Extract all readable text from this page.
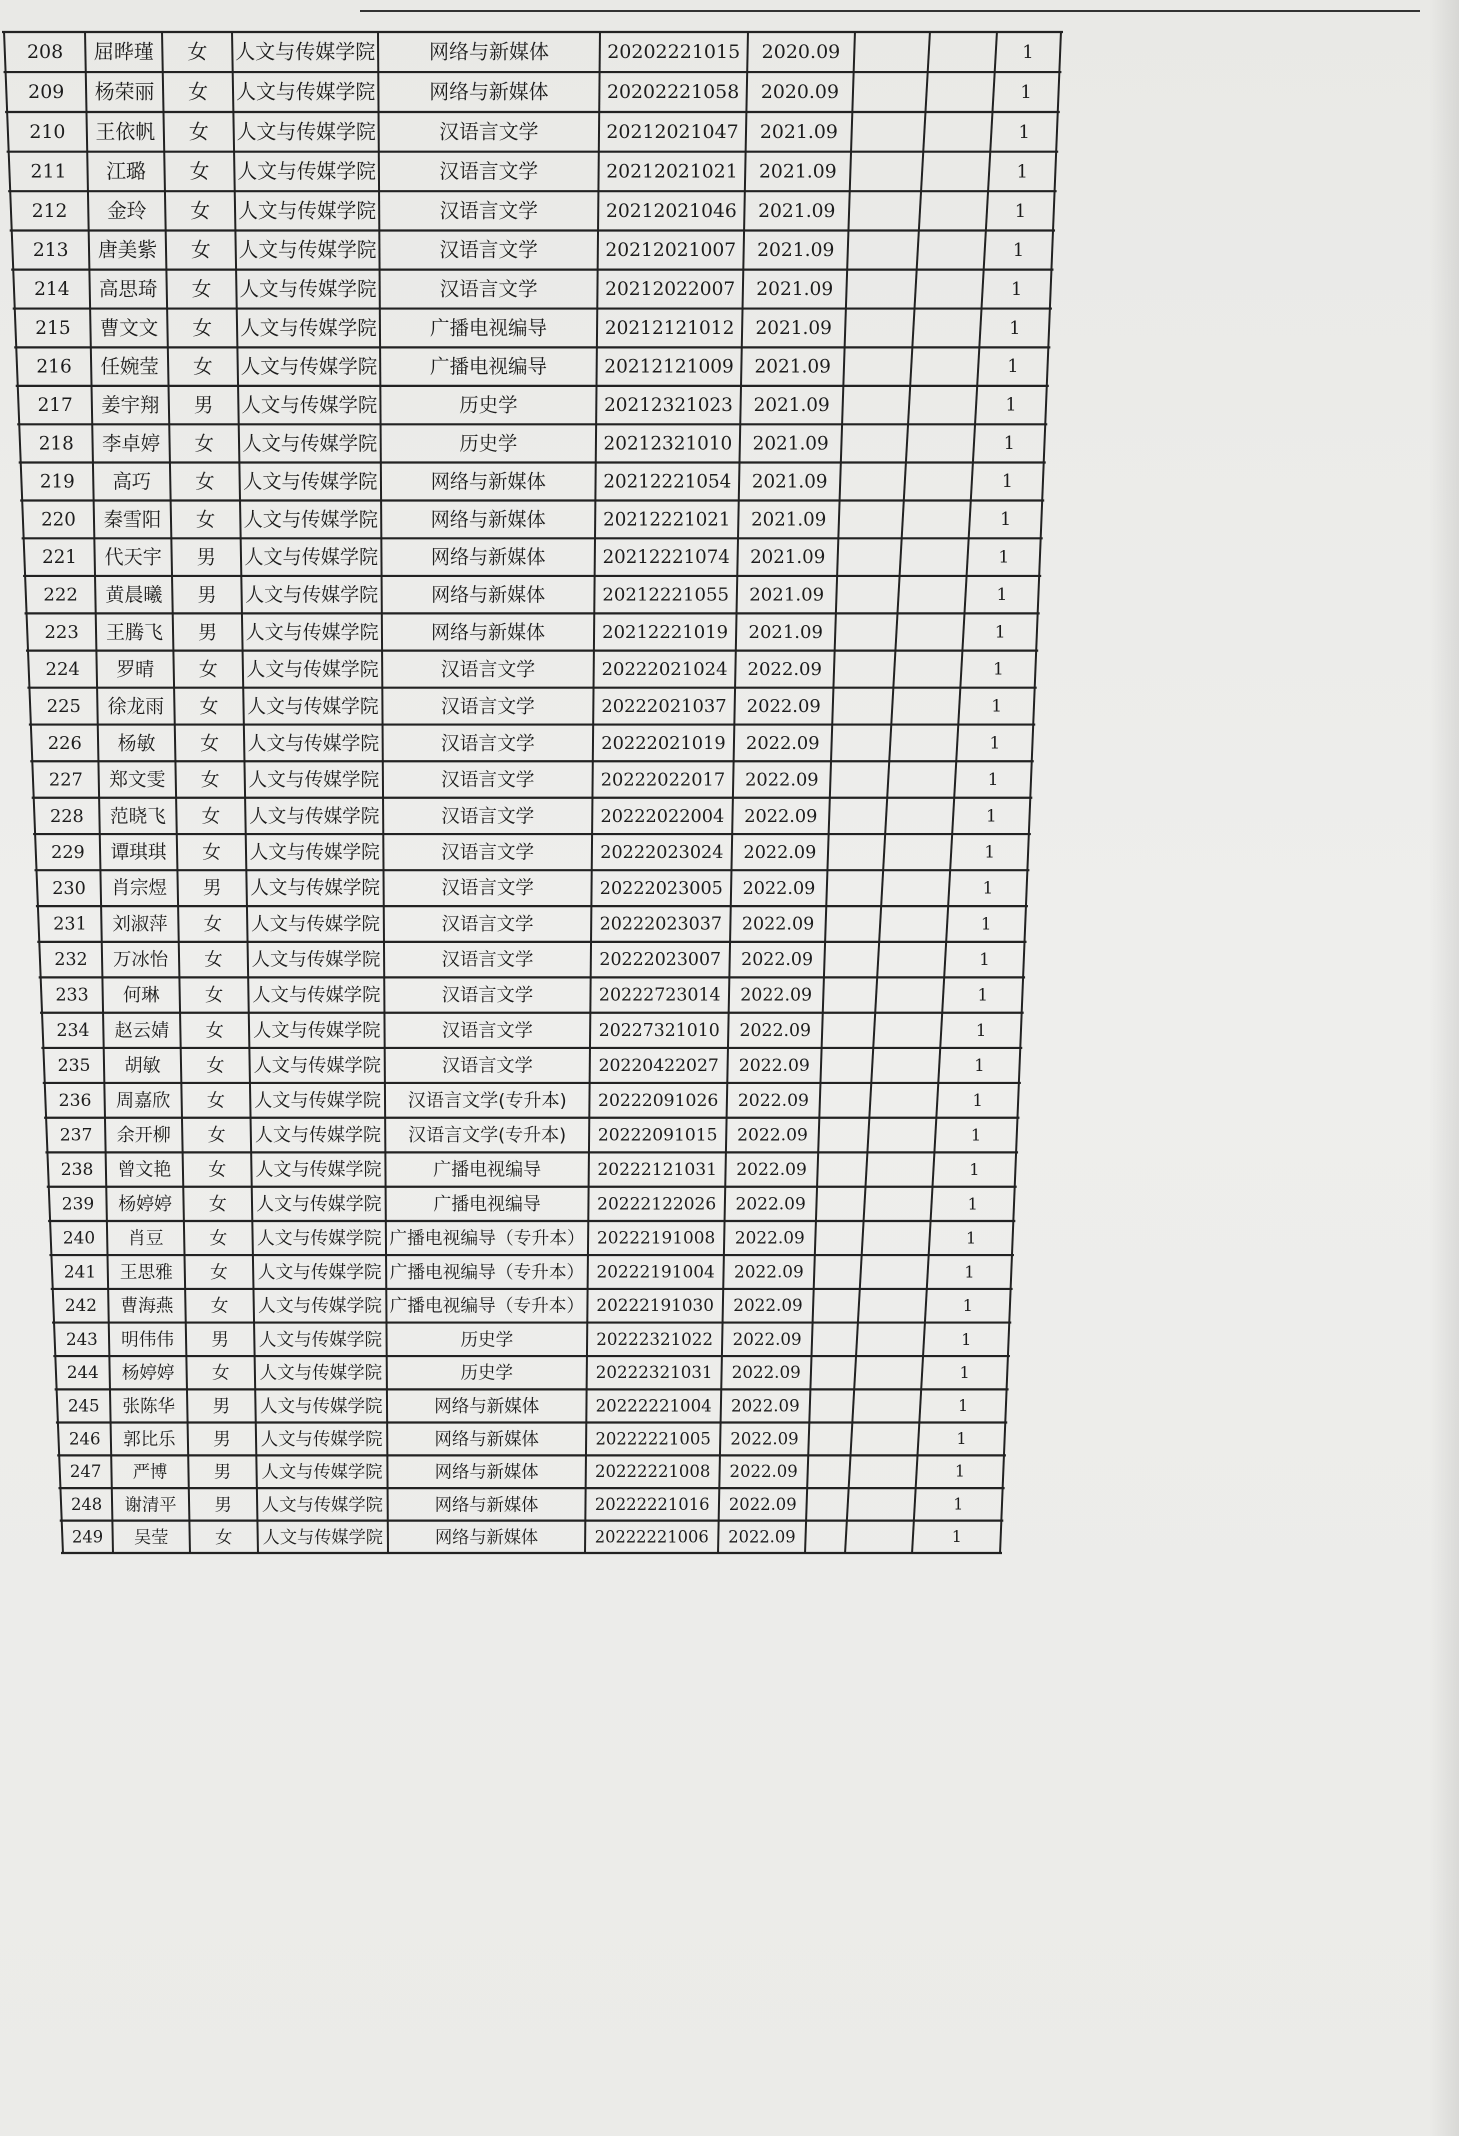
208 屈晔瑾 女 人文与传媒学院	网络与新媒体	20202221015 2020.09	1
209 杨荣丽 女 人文与传媒学院	网络与新媒体	20202221058 2020.09	1
210 王依帆 女 人文与传媒学院	汉语言文学	20212021047 2021.09	1
211 江璐 女 人文与传媒学院	汉语言文学	20212021021 2021.09	1
212 金玲 女 人文与传媒学院	汉语言文学	20212021046 2021.09	1
213 唐美紫 女 人文与传媒学院	汉语言文学	20212021007 2021.09	1
214 高思琦 女 人文与传媒学院	汉语言文学	20212022007 2021.09	1
215 曹文文 女 人文与传媒学院	广播电视编导	20212121012 2021.09	1
216 任婉莹 女 人文与传媒学院	广播电视编导	20212121009 2021.09	1
217 姜宇翔 男 人文与传媒学院	历史学	20212321023 2021.09	1
218 李卓婷 女 人文与传媒学院	历史学	20212321010 2021.09	1
219 高巧 女 人文与传媒学院	网络与新媒体	20212221054 2021.09	1
220 秦雪阳 女 人文与传媒学院	网络与新媒体	20212221021 2021.09	1
221 代天宇 男 人文与传媒学院	网络与新媒体	20212221074 2021.09	1
222 黄晨曦 男 人文与传媒学院	网络与新媒体	20212221055 2021.09	1
223 王腾飞 男 人文与传媒学院	网络与新媒体	20212221019 2021.09	1
224 罗晴 女 人文与传媒学院	汉语言文学	20222021024 2022.09	1
225 徐龙雨 女 人文与传媒学院	汉语言文学	20222021037 2022.09	1
226 杨敏 女 人文与传媒学院	汉语言文学	20222021019 2022.09	1
227 郑文雯 女 人文与传媒学院	汉语言文学	20222022017 2022.09	1
228 范晓飞 女 人文与传媒学院	汉语言文学	20222022004 2022.09	1
229 谭琪琪 女 人文与传媒学院	汉语言文学	20222023024 2022.09	1
230 肖宗煜 男 人文与传媒学院	汉语言文学	20222023005 2022.09	1
231 刘淑萍 女 人文与传媒学院	汉语言文学	20222023037 2022.09	1
232 万冰怡 女 人文与传媒学院	汉语言文学	20222023007 2022.09	1
233 何琳 女 人文与传媒学院	汉语言文学	20222723014 2022.09	1
234 赵云婧 女 人文与传媒学院	汉语言文学	20227321010 2022.09	1
235 胡敏	女 人文与传媒学院	汉语言文学	20220422027 2022.09	1
236 周嘉欣 女 人文与传媒学院 汉语言文学(专升本) 20222091026 2022.09	1
237 余开柳 女 人文与传媒学院 汉语言文学(专升本) 20222091015 2022.09	1
238 曾文艳 女 人文与传媒学院	广播电视编导	20222121031 2022.09	1
239 杨婷婷 女 人文与传媒学院	广播电视编导	20222122026 2022.09	1
240 肖豆	女 人文与传媒学院 广播电视编导（专升本） 20222191008 2022.09	1
241 王思雅 女 人文与传媒学院 广播电视编导（专升本） 20222191004 2022.09	1
242 曹海燕 女 人文与传媒学院 广播电视编导（专升本） 20222191030 2022.09	1
243 明伟伟 男 人文与传媒学院	历史学	20222321022 2022.09	1
244 杨婷婷 女 人文与传媒学院	历史学	20222321031 2022.09	1
245 张陈华 男 人文与传媒学院	网络与新媒体	20222221004 2022.09	1
246 郭比乐 男 人文与传媒学院	网络与新媒体	20222221005 2022.09	1
247 严博	男 人文与传媒学院	网络与新媒体	20222221008 2022.09	1
248 谢清平 男 人文与传媒学院	网络与新媒体	20222221016 2022.09	1
249 吴莹	女 人文与传媒学院	网络与新媒体	20222221006 2022.09	1
